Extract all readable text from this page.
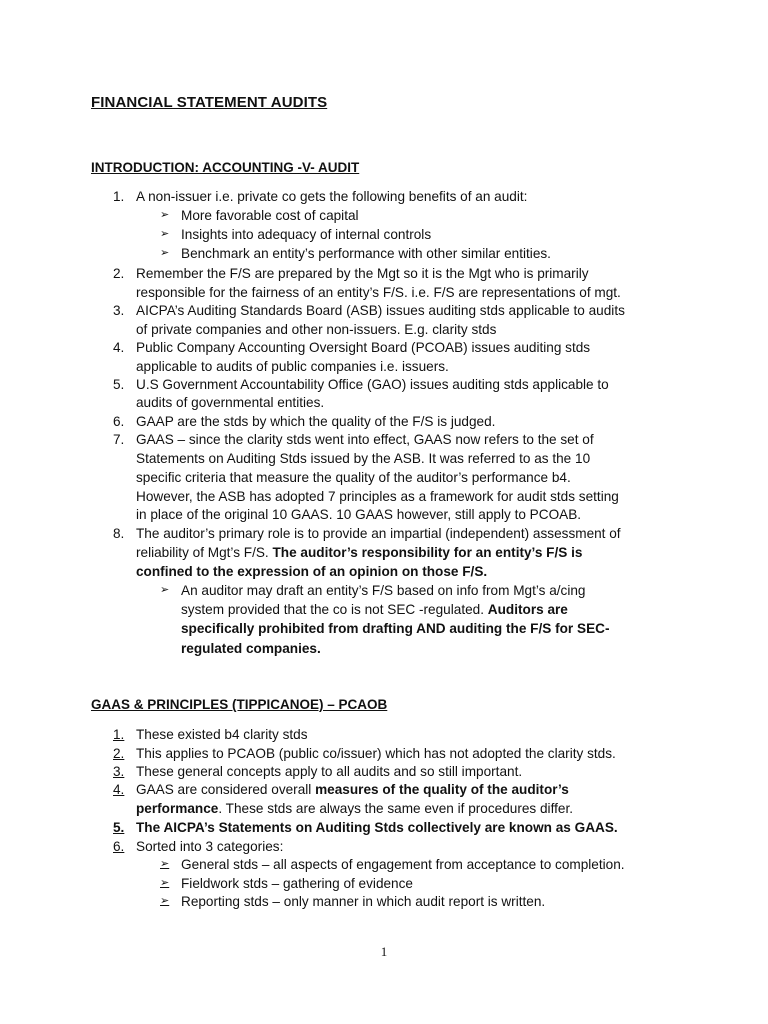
FINANCIAL STATEMENT AUDITS
INTRODUCTION: ACCOUNTING -V- AUDIT
1. A non-issuer i.e. private co gets the following benefits of an audit:
➢ More favorable cost of capital
➢ Insights into adequacy of internal controls
➢ Benchmark an entity’s performance with other similar entities.
2. Remember the F/S are prepared by the Mgt so it is the Mgt who is primarily
responsible for the fairness of an entity’s F/S. i.e. F/S are representations of mgt.
3. AICPA’s Auditing Standards Board (ASB) issues auditing stds applicable to audits
of private companies and other non-issuers. E.g. clarity stds
4. Public Company Accounting Oversight Board (PCOAB) issues auditing stds
applicable to audits of public companies i.e. issuers.
5. U.S Government Accountability Office (GAO) issues auditing stds applicable to
audits of governmental entities.
6. GAAP are the stds by which the quality of the F/S is judged.
7. GAAS – since the clarity stds went into effect, GAAS now refers to the set of
Statements on Auditing Stds issued by the ASB. It was referred to as the 10
specific criteria that measure the quality of the auditor’s performance b4.
However, the ASB has adopted 7 principles as a framework for audit stds setting
in place of the original 10 GAAS. 10 GAAS however, still apply to PCOAB.
8. The auditor’s primary role is to provide an impartial (independent) assessment of
reliability of Mgt’s F/S. The auditor’s responsibility for an entity’s F/S is
confined to the expression of an opinion on those F/S.
➢ An auditor may draft an entity’s F/S based on info from Mgt’s a/cing
system provided that the co is not SEC -regulated. Auditors are
specifically prohibited from drafting AND auditing the F/S for SEC-
regulated companies.
GAAS & PRINCIPLES (TIPPICANOE) – PCAOB
1. These existed b4 clarity stds
2. This applies to PCAOB (public co/issuer) which has not adopted the clarity stds.
3. These general concepts apply to all audits and so still important.
4. GAAS are considered overall measures of the quality of the auditor’s
performance. These stds are always the same even if procedures differ.
5. The AICPA’s Statements on Auditing Stds collectively are known as GAAS.
6. Sorted into 3 categories:
➢ General stds – all aspects of engagement from acceptance to completion.
➢ Fieldwork stds – gathering of evidence
➢ Reporting stds – only manner in which audit report is written.
1
